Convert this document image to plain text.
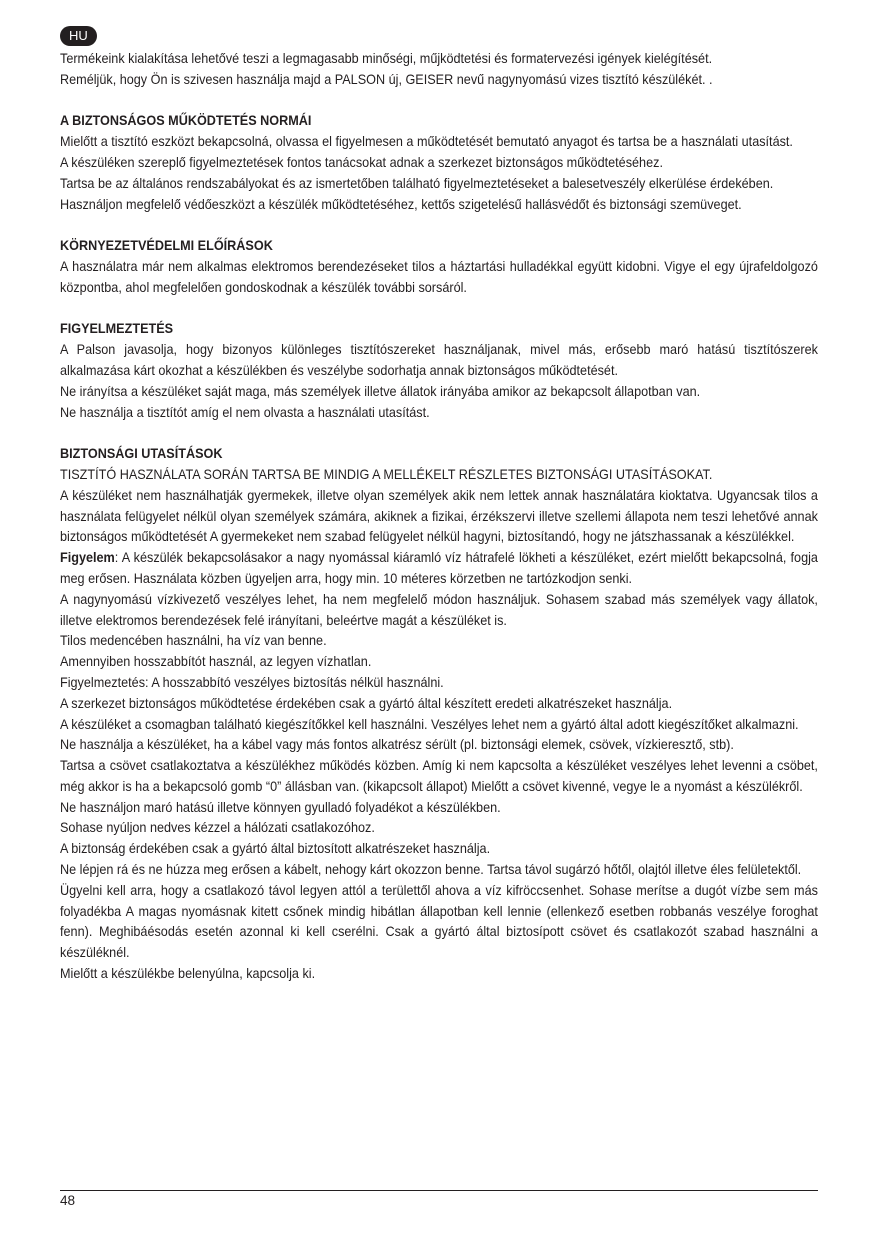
HU

Termékeink kialakítása lehetővé teszi a legmagasabb minőségi, műjködtetési és formatervezési igények kielégítését.

Reméljük, hogy Ön is szivesen használja majd a PALSON új, GEISER nevű nagynyomású vizes tisztító készülékét. .

A BIZTONSÁGOS MŰKÖDTETÉS NORMÁI

Mielőtt a tisztító eszközt bekapcsolná, olvassa el figyelmesen a működtetését bemutató anyagot és tartsa be a használati utasítást.

A készüléken szereplő figyelmeztetések fontos tanácsokat adnak a szerkezet biztonságos működtetéséhez.

Tartsa be az általános rendszabályokat és az ismertetőben található figyelmeztetéseket a balesetveszély elkerülése érdekében.

Használjon megfelelő védőeszközt a készülék működtetéséhez, kettős szigetelésű hallásvédőt és biztonsági szemüveget.

KÖRNYEZETVÉDELMI ELŐÍRÁSOK

A használatra már nem alkalmas elektromos berendezéseket tilos a háztartási hulladékkal együtt kidobni. Vigye el egy újrafeldolgozó központba, ahol megfelelően gondoskodnak a készülék további sorsáról.

FIGYELMEZTETÉS

A Palson javasolja, hogy bizonyos különleges tisztítószereket használjanak, mivel más, erősebb maró hatású tisztítószerek alkalmazása kárt okozhat a készülékben és veszélybe sodorhatja annak biztonságos működtetését.

Ne irányítsa a készüléket saját maga, más személyek illetve állatok irányába amikor az bekapcsolt állapotban van.

Ne használja a tisztítót amíg el nem olvasta a használati utasítást.

BIZTONSÁGI UTASÍTÁSOK

TISZTÍTÓ HASZNÁLATA SORÁN TARTSA BE MINDIG A MELLÉKELT RÉSZLETES BIZTONSÁGI UTASÍTÁSOKAT.

A készüléket nem használhatják gyermekek, illetve olyan személyek akik nem lettek annak használatára kioktatva. Ugyancsak tilos a használata felügyelet nélkül olyan személyek számára, akiknek a fizikai, érzékszervi illetve szellemi állapota nem teszi lehetővé annak biztonságos működtetését A gyermekeket nem szabad felügyelet nélkül hagyni, biztosítandó, hogy ne játszhassanak a készülékkel.

Figyelem: A készülék bekapcsolásakor a nagy nyomással kiáramló víz hátrafelé lökheti a készüléket, ezért mielőtt bekapcsolná, fogja meg erősen. Használata közben ügyeljen arra, hogy min. 10 méteres körzetben ne tartózkodjon senki.

A nagynyomású vízkivezető veszélyes lehet, ha nem megfelelő módon használjuk. Sohasem szabad más személyek vagy állatok, illetve elektromos berendezések felé irányítani, beleértve magát a készüléket is.

Tilos medencében használni, ha víz van benne.

Amennyiben hosszabbítót használ, az legyen vízhatlan.

Figyelmeztetés: A hosszabbító veszélyes biztosítás nélkül használni.

A szerkezet biztonságos működtetése érdekében csak a gyártó által készített eredeti alkatrészeket használja.

A készüléket a csomagban található kiegészítőkkel kell használni. Veszélyes lehet nem a gyártó által adott kiegészítőket alkalmazni.

Ne használja a készüléket, ha a kábel vagy más fontos alkatrész sérült (pl. biztonsági elemek, csövek, vízkieresztő, stb).

Tartsa a csövet csatlakoztatva a készülékhez működés közben. Amíg ki nem kapcsolta a készüléket veszélyes lehet levenni a csöbet, még akkor is ha a bekapcsoló gomb “0” állásban van. (kikapcsolt állapot) Mielőtt a csövet kivenné, vegye le a nyomást a készülékről.

Ne használjon maró hatású illetve könnyen gyulladó folyadékot a készülékben.

Sohase nyúljon nedves kézzel a hálózati csatlakozóhoz.

A biztonság érdekében csak a gyártó által biztosított alkatrészeket használja.

Ne lépjen rá és ne húzza meg erősen a kábelt, nehogy kárt okozzon benne. Tartsa távol sugárzó hőtől, olajtól illetve éles felületektől.

Ügyelni kell arra, hogy a csatlakozó távol legyen attól a területtől ahova a víz kifröccsenhet. Sohase merítse a dugót vízbe sem más folyadékba A magas nyomásnak kitett csőnek mindig hibátlan állapotban kell lennie (ellenkező esetben robbanás veszélye foroghat fenn). Meghibáésodás esetén azonnal ki kell cserélni. Csak a gyártó által biztosípott csövet és csatlakozót szabad használni a készüléknél.

Mielőtt a készülékbe belenyúlna, kapcsolja ki.

48
